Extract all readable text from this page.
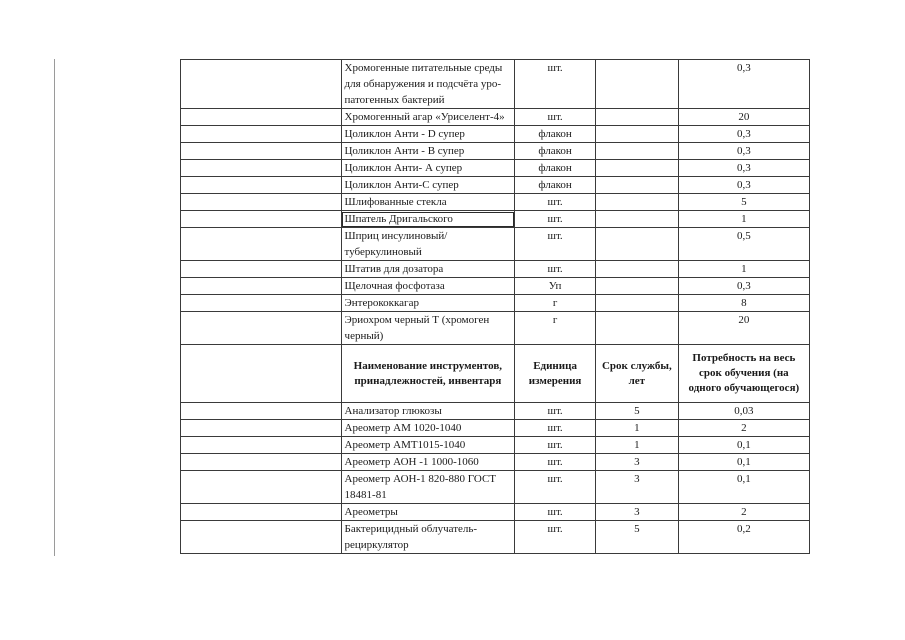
	Хромогенные питательные среды для обнаружения и подсчёта уро-патогенных бактерий	шт.		0,3
	Хромогенный агар «Уриселент-4»	шт.		20
	Цоликлон Анти - D супер	флакон		0,3
	Цоликлон Анти - В супер	флакон		0,3
	Цоликлон Анти- А супер	флакон		0,3
	Цоликлон Анти-С супер	флакон		0,3
	Шлифованные стекла	шт.		5
	Шпатель Дригальского	шт.		1
	Шприц инсулиновый/ туберкулиновый	шт.		0,5
	Штатив для дозатора	шт.		1
	Щелочная фосфотаза	Уп		0,3
	Энтерококкагар	г		8
	Эриохром черный Т (хромоген черный)	г		20
	Наименование инструментов, принадлежностей, инвентаря	Единица измерения	Срок службы, лет	Потребность на весь срок обучения (на одного обучающегося)
	Анализатор глюкозы	шт.	5	0,03
	Ареометр АМ 1020-1040	шт.	1	2
	Ареометр АМТ1015-1040	шт.	1	0,1
	Ареометр АОН -1 1000-1060	шт.	3	0,1
	Ареометр АОН-1 820-880 ГОСТ 18481-81	шт.	3	0,1
	Ареометры	шт.	3	2
	Бактерицидный облучатель-рециркулятор	шт.	5	0,2
